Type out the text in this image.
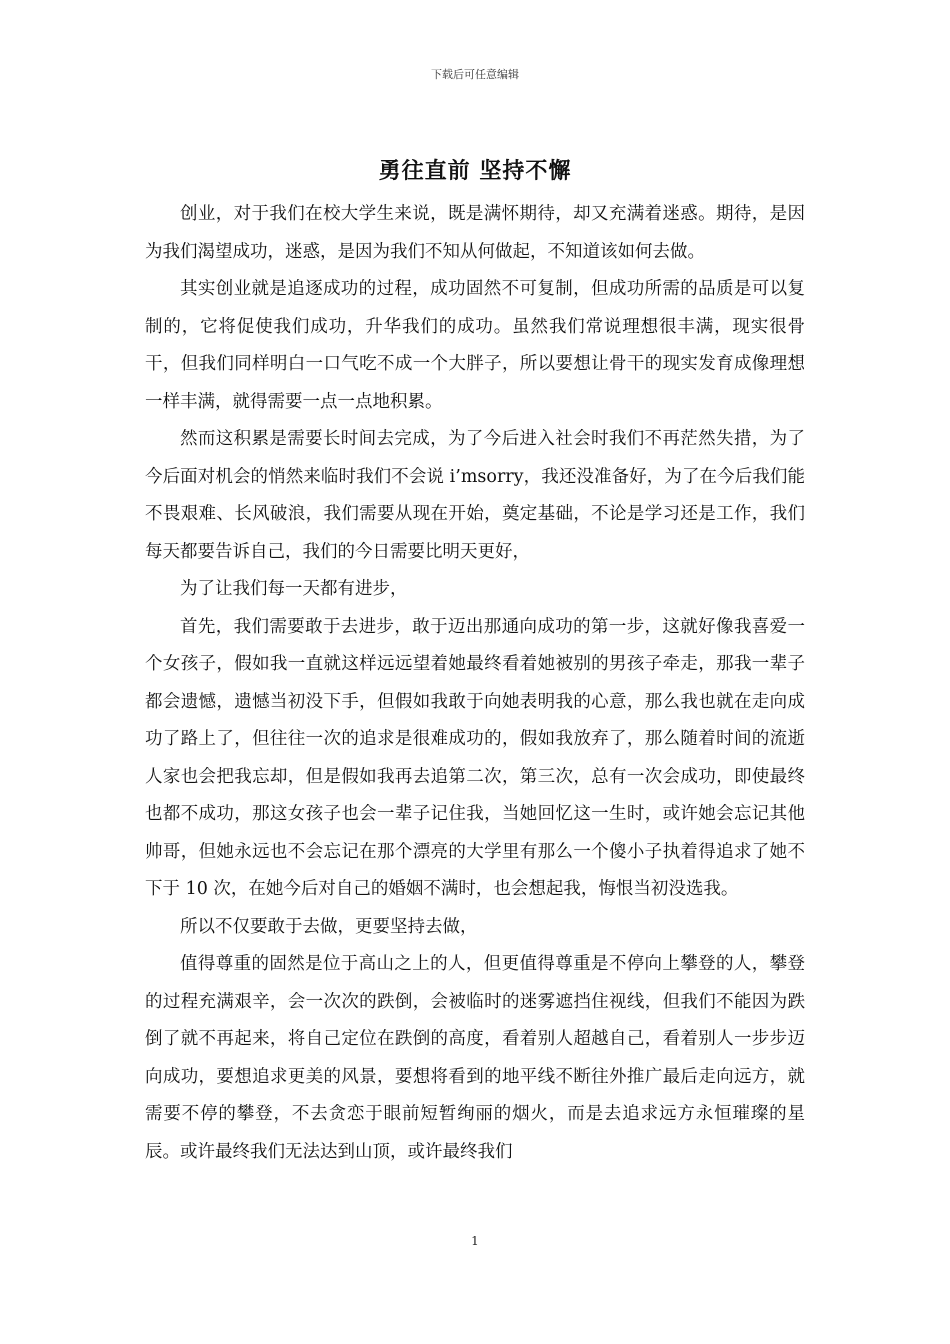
下载后可任意编辑
勇往直前 坚持不懈

创业，对于我们在校大学生来说，既是满怀期待，却又充满着迷惑。期待，是因为我们渴望成功，迷惑，是因为我们不知从何做起，不知道该如何去做。

其实创业就是追逐成功的过程，成功固然不可复制，但成功所需的品质是可以复制的，它将促使我们成功，升华我们的成功。虽然我们常说理想很丰满，现实很骨干，但我们同样明白一口气吃不成一个大胖子，所以要想让骨干的现实发育成像理想一样丰满，就得需要一点一点地积累。

然而这积累是需要长时间去完成，为了今后进入社会时我们不再茫然失措，为了今后面对机会的悄然来临时我们不会说 i’msorry，我还没准备好，为了在今后我们能不畏艰难、长风破浪，我们需要从现在开始，奠定基础，不论是学习还是工作，我们每天都要告诉自己，我们的今日需要比明天更好，

为了让我们每一天都有进步，

首先，我们需要敢于去进步，敢于迈出那通向成功的第一步，这就好像我喜爱一个女孩子，假如我一直就这样远远望着她最终看着她被别的男孩子牵走，那我一辈子都会遗憾，遗憾当初没下手，但假如我敢于向她表明我的心意，那么我也就在走向成功了路上了，但往往一次的追求是很难成功的，假如我放弃了，那么随着时间的流逝人家也会把我忘却，但是假如我再去追第二次，第三次，总有一次会成功，即使最终也都不成功，那这女孩子也会一辈子记住我，当她回忆这一生时，或许她会忘记其他帅哥，但她永远也不会忘记在那个漂亮的大学里有那么一个傻小子执着得追求了她不下于 10 次，在她今后对自己的婚姻不满时，也会想起我，悔恨当初没选我。

所以不仅要敢于去做，更要坚持去做，

值得尊重的固然是位于高山之上的人，但更值得尊重是不停向上攀登的人，攀登的过程充满艰辛，会一次次的跌倒，会被临时的迷雾遮挡住视线，但我们不能因为跌倒了就不再起来，将自己定位在跌倒的高度，看着别人超越自己，看着别人一步步迈向成功，要想追求更美的风景，要想将看到的地平线不断往外推广最后走向远方，就需要不停的攀登，不去贪恋于眼前短暂绚丽的烟火，而是去追求远方永恒璀璨的星辰。或许最终我们无法达到山顶，或许最终我们

1
